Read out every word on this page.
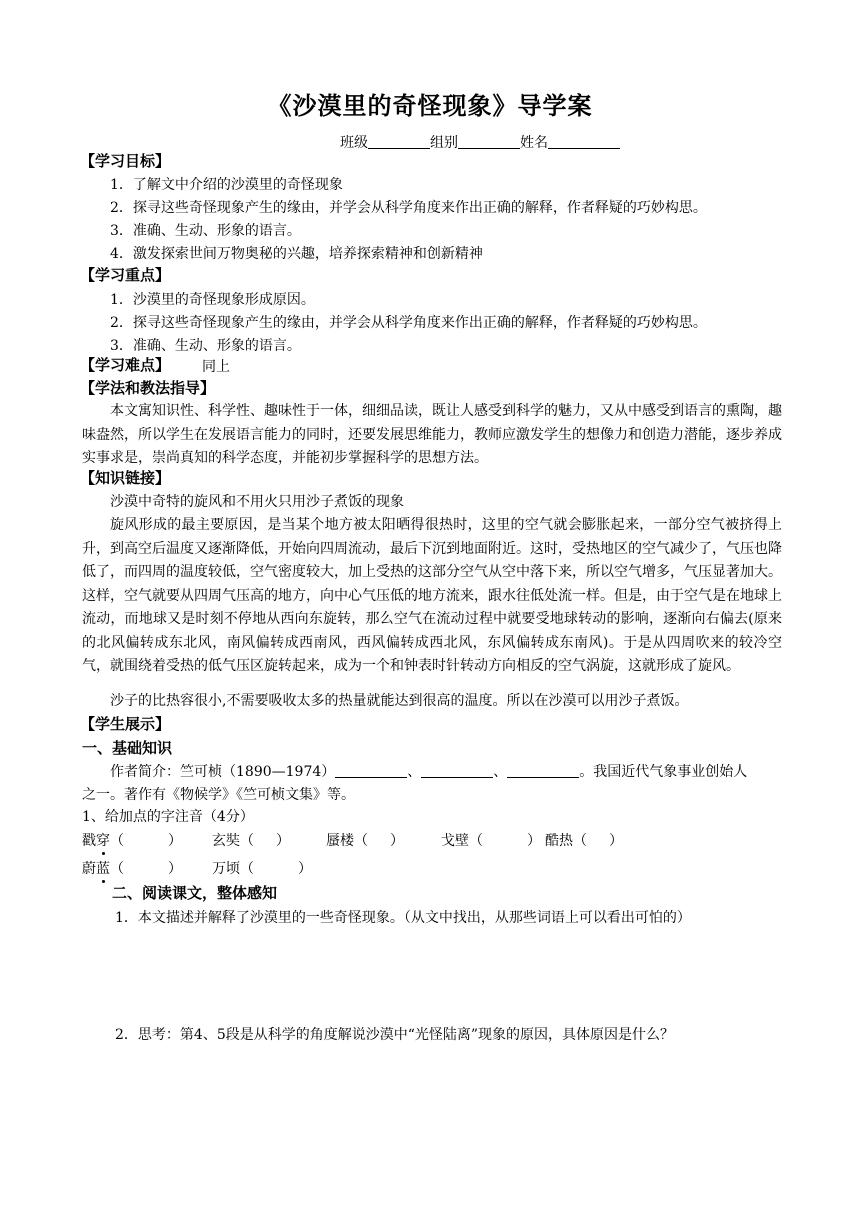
《沙漠里的奇怪现象》导学案
班级	组别	姓名
【学习目标】
1．了解文中介绍的沙漠里的奇怪现象
2．探寻这些奇怪现象产生的缘由，并学会从科学角度来作出正确的解释，作者释疑的巧妙构思。
3．准确、生动、形象的语言。
4．激发探索世间万物奥秘的兴趣，培养探索精神和创新精神
【学习重点】
1．沙漠里的奇怪现象形成原因。
2．探寻这些奇怪现象产生的缘由，并学会从科学角度来作出正确的解释，作者释疑的巧妙构思。
3．准确、生动、形象的语言。
【学习难点】 同上
【学法和教法指导】
本文寓知识性、科学性、趣味性于一体，细细品读，既让人感受到科学的魅力，又从中感受到语言的熏陶，趣味盎然，所以学生在发展语言能力的同时，还要发展思维能力，教师应激发学生的想像力和创造力潜能，逐步养成实事求是，崇尚真知的科学态度，并能初步掌握科学的思想方法。
【知识链接】
沙漠中奇特的旋风和不用火只用沙子煮饭的现象
旋风形成的最主要原因，是当某个地方被太阳晒得很热时，这里的空气就会膨胀起来，一部分空气被挤得上升，到高空后温度又逐渐降低，开始向四周流动，最后下沉到地面附近。这时，受热地区的空气减少了，气压也降低了，而四周的温度较低，空气密度较大，加上受热的这部分空气从空中落下来，所以空气增多，气压显著加大。这样，空气就要从四周气压高的地方，向中心气压低的地方流来，跟水往低处流一样。但是，由于空气是在地球上流动，而地球又是时刻不停地从西向东旋转，那么空气在流动过程中就要受地球转动的影响，逐渐向右偏去(原来的北风偏转成东北风，南风偏转成西南风，西风偏转成西北风，东风偏转成东南风)。于是从四周吹来的较冷空气，就围绕着受热的低气压区旋转起来，成为一个和钟表时针转动方向相反的空气涡旋，这就形成了旋风。
沙子的比热容很小,不需要吸收太多的热量就能达到很高的温度。所以在沙漠可以用沙子煮饭。
【学生展示】
一、基础知识
作者简介：竺可桢（1890—1974）	、	、	。我国近代气象事业创始人
之一。著作有《物候学》《竺可桢文集》等。
1、给加点的字注音（4分）
戳穿（	） 玄奘（ ）	蜃楼（ ）	戈壁（	） 酷热（ ）
蔚蓝（	） 万顷（	）
二、阅读课文，整体感知
1．本文描述并解释了沙漠里的一些奇怪现象。（从文中找出，从那些词语上可以看出可怕的）
2．思考：第4、5段是从科学的角度解说沙漠中“光怪陆离”现象的原因，具体原因是什么？
